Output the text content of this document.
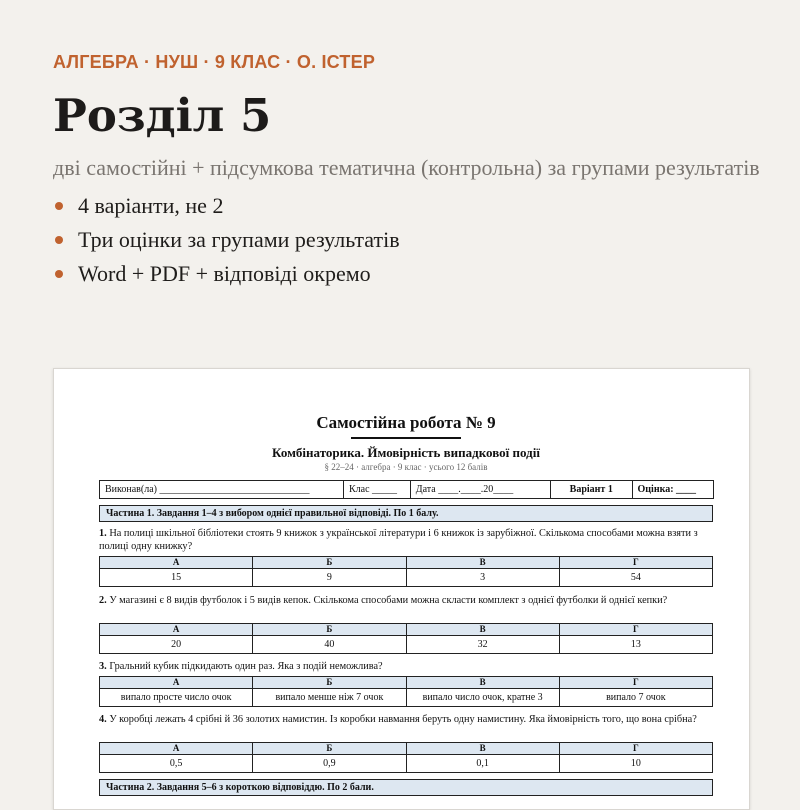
АЛГЕБРА · НУШ · 9 КЛАС · О. ІСТЕР
Розділ 5
дві самостійні + підсумкова тематична (контрольна) за групами результатів
4 варіанти, не 2
Три оцінки за групами результатів
Word + PDF + відповіді окремо
Самостійна робота № 9
Комбінаторика. Ймовірність випадкової події
§ 22–24 · алгебра · 9 клас · усього 12 балів
Виконав(ла) ______________________________	Клас _____	Дата ____.____.20____	Варіант 1	Оцінка: ____
Частина 1. Завдання 1–4 з вибором однієї правильної відповіді. По 1 балу.
1. На полиці шкільної бібліотеки стоять 9 книжок з української літератури і 6 книжок із зарубіжної. Скількома способами можна взяти з полиці одну книжку?
А	Б	В	Г
15	9	3	54
2. У магазині є 8 видів футболок і 5 видів кепок. Скількома способами можна скласти комплект з однієї футболки й однієї кепки?
А	Б	В	Г
20	40	32	13
3. Гральний кубик підкидають один раз. Яка з подій неможлива?
А	Б	В	Г
випало просте число очок	випало менше ніж 7 очок	випало число очок, кратне 3	випало 7 очок
4. У коробці лежать 4 срібні й 36 золотих намистин. Із коробки навмання беруть одну намистину. Яка ймовірність того, що вона срібна?
А	Б	В	Г
0,5	0,9	0,1	10
Частина 2. Завдання 5–6 з короткою відповіддю. По 2 бали.
